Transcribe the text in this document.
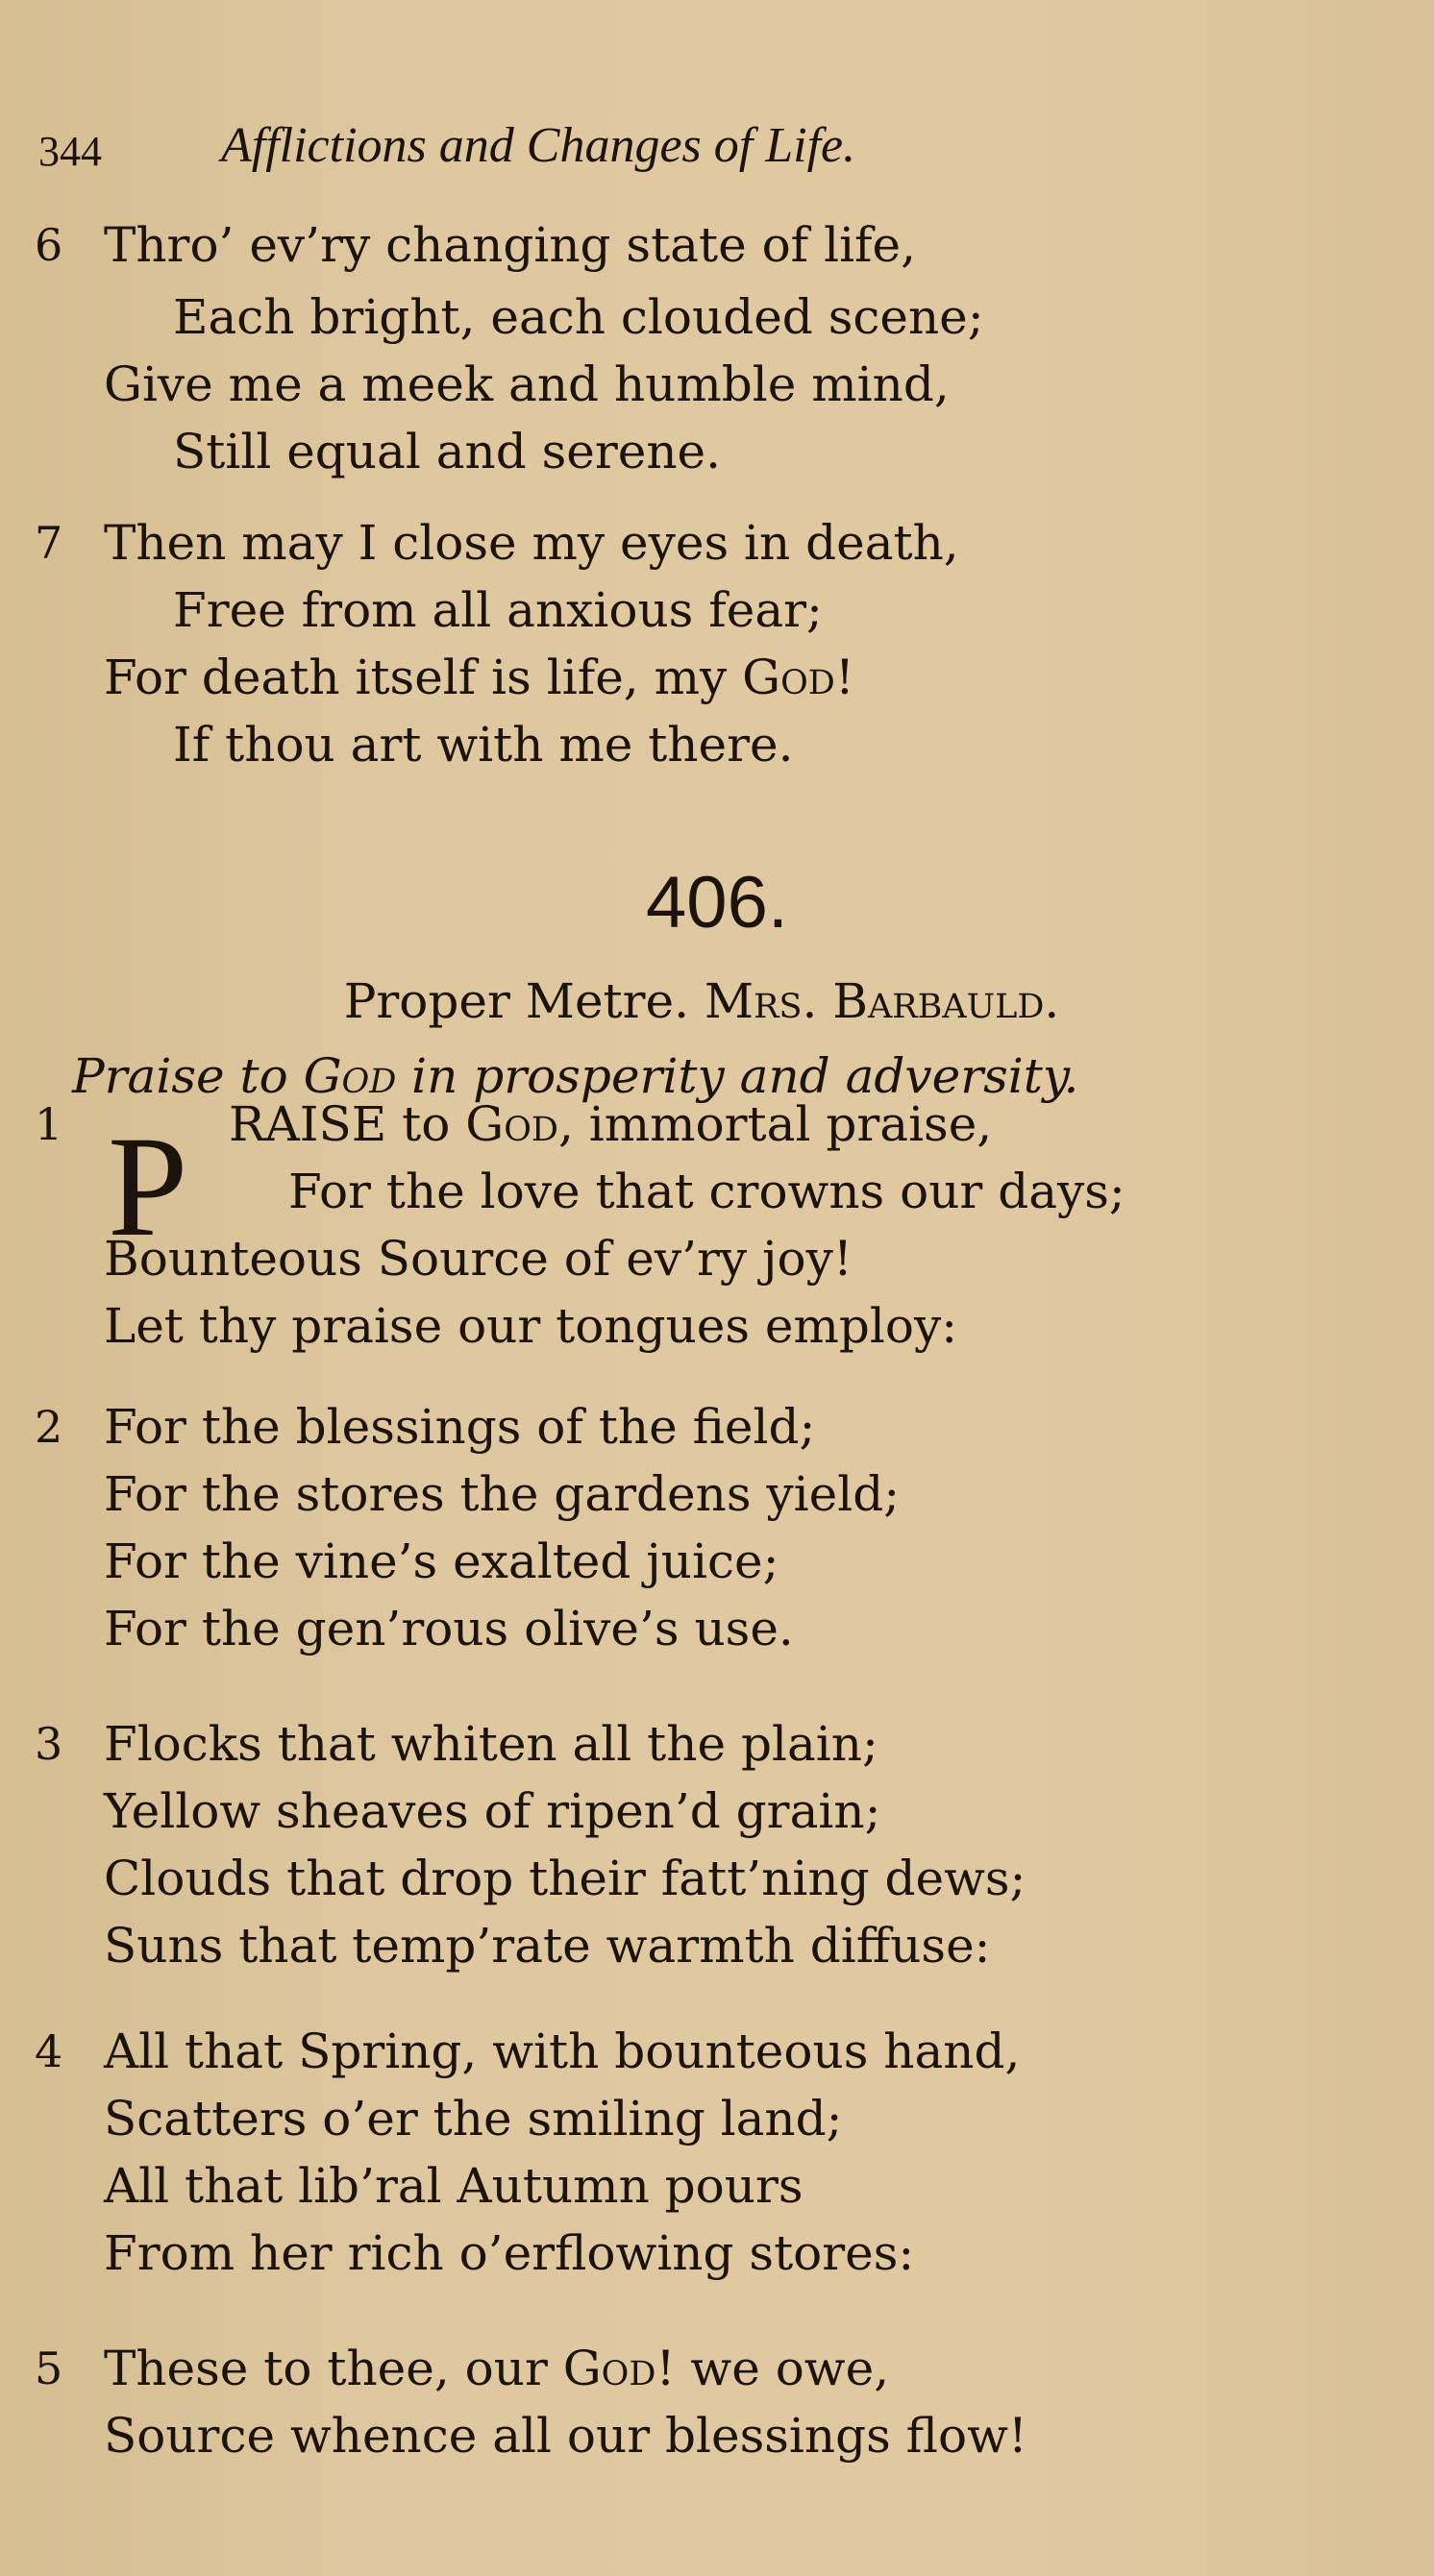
344 Afflictions and Changes of Life.
406.
Proper Metre. Mrs. Barbauld.
Praise to God in prosperity and adversity.
P
6 Thro’ ev’ry changing state of life,
Each bright, each clouded scene;
Give me a meek and humble mind,
Still equal and serene.
7 Then may I close my eyes in death,
Free from all anxious fear;
For death itself is life, my God!
If thou art with me there.
1	RAISE to God, immortal praise,
For the love that crowns our days;
Bounteous Source of ev’ry joy!
Let thy praise our tongues employ:
2 For the blessings of the field;
For the stores the gardens yield;
For the vine’s exalted juice;
For the gen’rous olive’s use.
3 Flocks that whiten all the plain;
Yellow sheaves of ripen’d grain;
Clouds that drop their fatt’ning dews;
Suns that temp’rate warmth diffuse:
4 All that Spring, with bounteous hand,
Scatters o’er the smiling land;
All that lib’ral Autumn pours
From her rich o’erflowing stores:
5 These to thee, our God! we owe,
Source whence all our blessings flow!
